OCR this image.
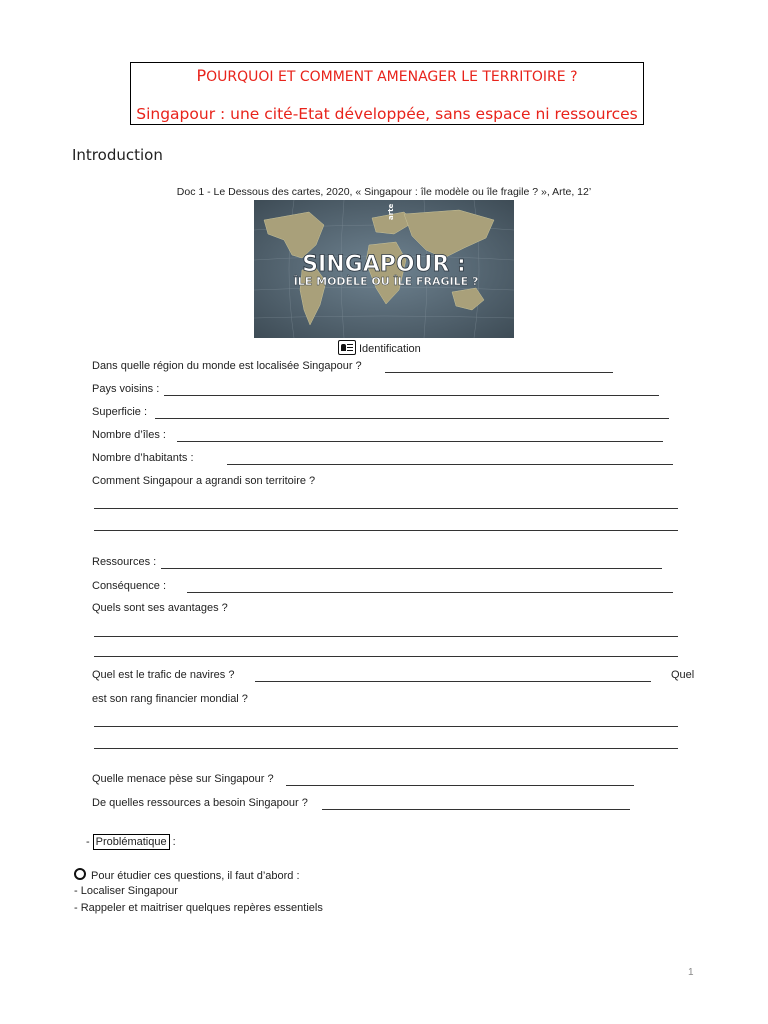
POURQUOI ET COMMENT AMENAGER LE TERRITOIRE ?
Singapour : une cité-Etat développée, sans espace ni ressources
Introduction
Doc 1 - Le Dessous des cartes, 2020, « Singapour : île modèle ou île fragile ? », Arte, 12’
arte
SINGAPOUR :
ÎLE MODÈLE OU ÎLE FRAGILE ?
Identification
Dans quelle région du monde est localisée Singapour ?
Pays voisins :
Superficie :
Nombre d’îles :
Nombre d’habitants :
Comment Singapour a agrandi son territoire ?
Ressources :
Conséquence :
Quels sont ses avantages ?
Quel est le trafic de navires ?	Quel
est son rang financier mondial ?
Quelle menace pèse sur Singapour ?
De quelles ressources a besoin Singapour ?
- Problématique :
Pour étudier ces questions, il faut d’abord :
- Localiser Singapour
- Rappeler et maitriser quelques repères essentiels
1
